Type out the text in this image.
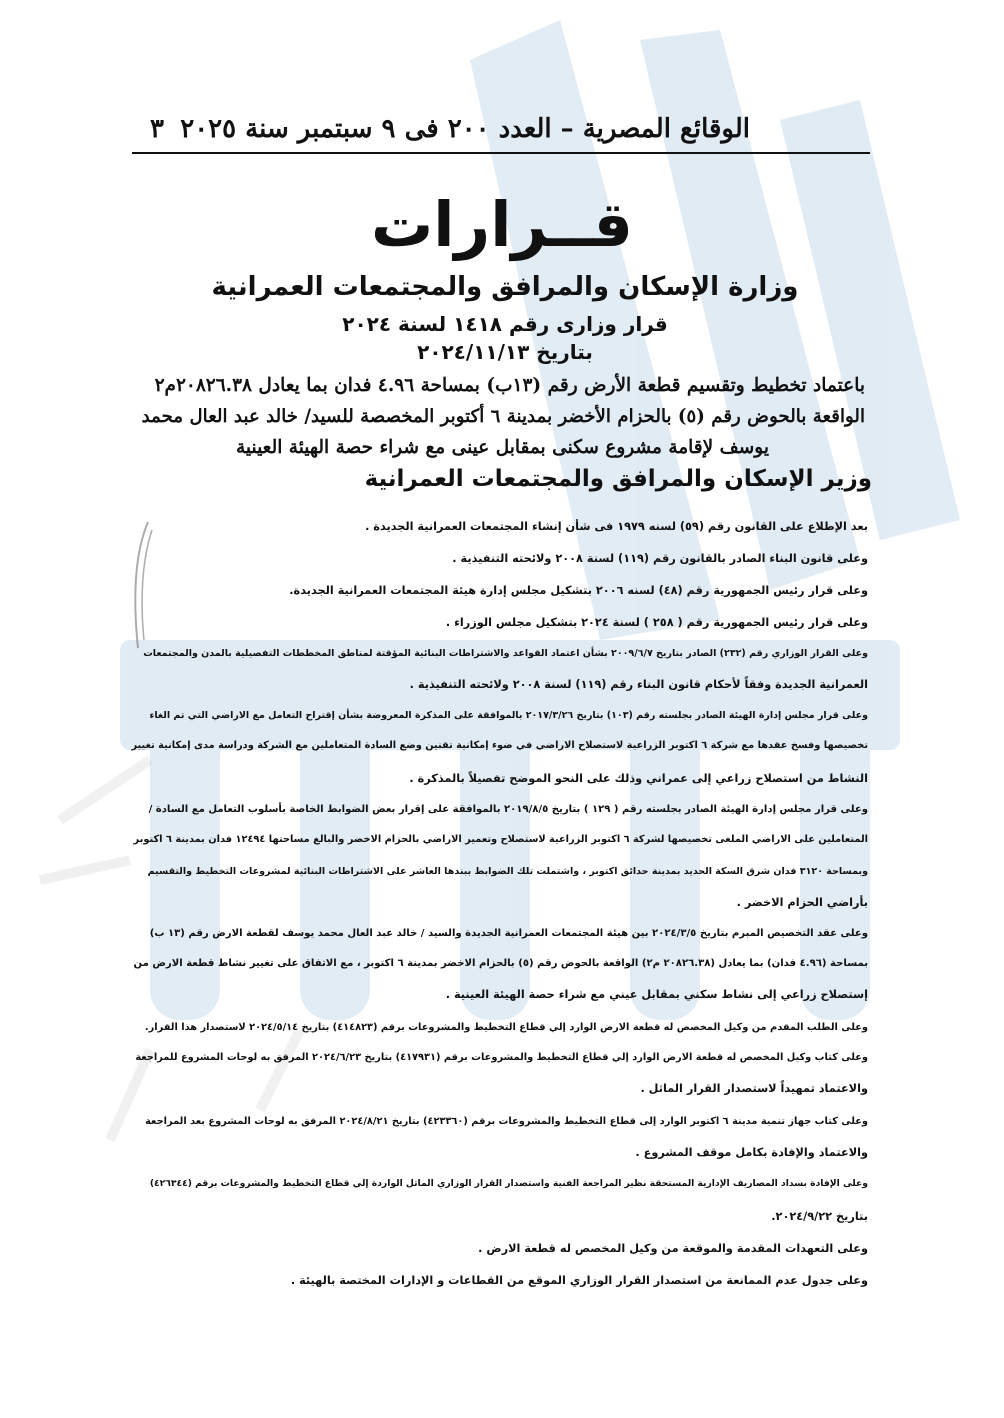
الوقائع المصرية – العدد ٢٠٠ فى ٩ سبتمبر سنة ٢٠٢٥
٣
قــرارات
وزارة الإسكان والمرافق والمجتمعات العمرانية
قرار وزارى رقم ١٤١٨ لسنة ٢٠٢٤
بتاريخ ٢٠٢٤/١١/١٣
باعتماد تخطيط وتقسيم قطعة الأرض رقم (١٣ب) بمساحة ٤.٩٦ فدان بما يعادل ٢٠٨٢٦.٣٨م٢
الواقعة بالحوض رقم (٥) بالحزام الأخضر بمدينة ٦ أكتوبر المخصصة للسيد/ خالد عبد العال محمد
يوسف لإقامة مشروع سكنى بمقابل عينى مع شراء حصة الهيئة العينية
وزير الإسكان والمرافق والمجتمعات العمرانية
بعد الإطلاع على القانون رقم (٥٩) لسنه ١٩٧٩ فى شأن إنشاء المجتمعات العمرانية الجديدة .
وعلى قانون البناء الصادر بالقانون رقم (١١٩) لسنة ٢٠٠٨ ولائحته التنفيذية .
وعلى قرار رئيس الجمهورية رقم (٤٨) لسنه ٢٠٠٦ بتشكيل مجلس إدارة هيئة المجتمعات العمرانية الجديدة.
وعلى قرار رئيس الجمهورية رقم ( ٢٥٨ ) لسنة ٢٠٢٤ بتشكيل مجلس الوزراء .
وعلى القرار الوزاري رقم (٢٣٢) الصادر بتاريخ ٢٠٠٩/٦/٧ بشأن اعتماد القواعد والاشتراطات البنائية المؤقتة لمناطق المخططات التفصيلية بالمدن والمجتمعات
العمرانية الجديدة وفقاً لأحكام قانون البناء رقم (١١٩) لسنة ٢٠٠٨ ولائحته التنفيذية .
وعلى قرار مجلس إدارة الهيئة الصادر بجلسته رقم (١٠٣) بتاريخ ٢٠١٧/٣/٢٦ بالموافقة على المذكرة المعروضة بشأن إقتراح التعامل مع الاراضي التي تم الغاء
تخصيصها وفسخ عقدها مع شركة ٦ اكتوبر الزراعية لاستصلاح الاراضي في ضوء إمكانية تقنين وضع السادة المتعاملين مع الشركة ودراسة مدى إمكانية تغيير
النشاط من استصلاح زراعي إلى عمراني وذلك على النحو الموضح تفصيلاً بالمذكرة .
وعلى قرار مجلس إدارة الهيئة الصادر بجلسته رقم ( ١٢٩ ) بتاريخ ٢٠١٩/٨/٥ بالموافقة على إقرار بعض الضوابط الخاصة بأسلوب التعامل مع السادة /
المتعاملين على الاراضي الملغى تخصيصها لشركة ٦ اكتوبر الزراعية لاستصلاح وتعمير الاراضي بالحزام الاخضر والبالغ مساحتها ١٢٤٩٤ فدان بمدينة ٦ اكتوبر
وبمساحة ٣١٢٠ فدان شرق السكة الحديد بمدينة حدائق اكتوبر ، واشتملت تلك الضوابط ببندها العاشر على الاشتراطات البنائية لمشروعات التخطيط والتقسيم
بأراضي الحزام الاخضر .
وعلى عقد التخصيص المبرم بتاريخ ٢٠٢٤/٣/٥ بين هيئة المجتمعات العمرانية الجديدة والسيد / خالد عبد العال محمد يوسف لقطعة الارض رقم (١٣ ب)
بمساحة (٤.٩٦ فدان) بما يعادل (٢٠٨٢٦.٣٨ م٢) الواقعة بالحوض رقم (٥) بالحزام الاخضر بمدينة ٦ اكتوبر ، مع الاتفاق على تغيير نشاط قطعة الارض من
إستصلاح زراعي إلى نشاط سكني بمقابل عيني مع شراء حصة الهيئة العينية .
وعلى الطلب المقدم من وكيل المخصص له قطعة الارض الوارد إلي قطاع التخطيط والمشروعات برقم (٤١٤٨٢٣) بتاريخ ٢٠٢٤/٥/١٤ لاستصدار هذا القرار.
وعلى كتاب وكيل المخصص له قطعة الارض الوارد إلي قطاع التخطيط والمشروعات برقم (٤١٧٩٣١) بتاريخ ٢٠٢٤/٦/٢٣ المرفق به لوحات المشروع للمراجعة
والاعتماد تمهيداً لاستصدار القرار الماثل .
وعلى كتاب جهاز تنمية مدينة ٦ اكتوبر الوارد إلى قطاع التخطيط والمشروعات برقم (٤٢٣٣٦٠) بتاريخ ٢٠٢٤/٨/٢١ المرفق به لوحات المشروع بعد المراجعة
والاعتماد والإفادة بكامل موقف المشروع .
وعلى الإفادة بسداد المصاريف الإدارية المستحقة نظير المراجعة الفنية واستصدار القرار الوزاري الماثل الواردة إلي قطاع التخطيط والمشروعات برقم (٤٢٦٣٤٤)
بتاريخ ٢٠٢٤/٩/٢٢.
وعلى التعهدات المقدمة والموقعة من وكيل المخصص له قطعة الارض .
وعلى جدول عدم الممانعة من استصدار القرار الوزاري الموقع من القطاعات و الإدارات المختصة بالهيئة .
